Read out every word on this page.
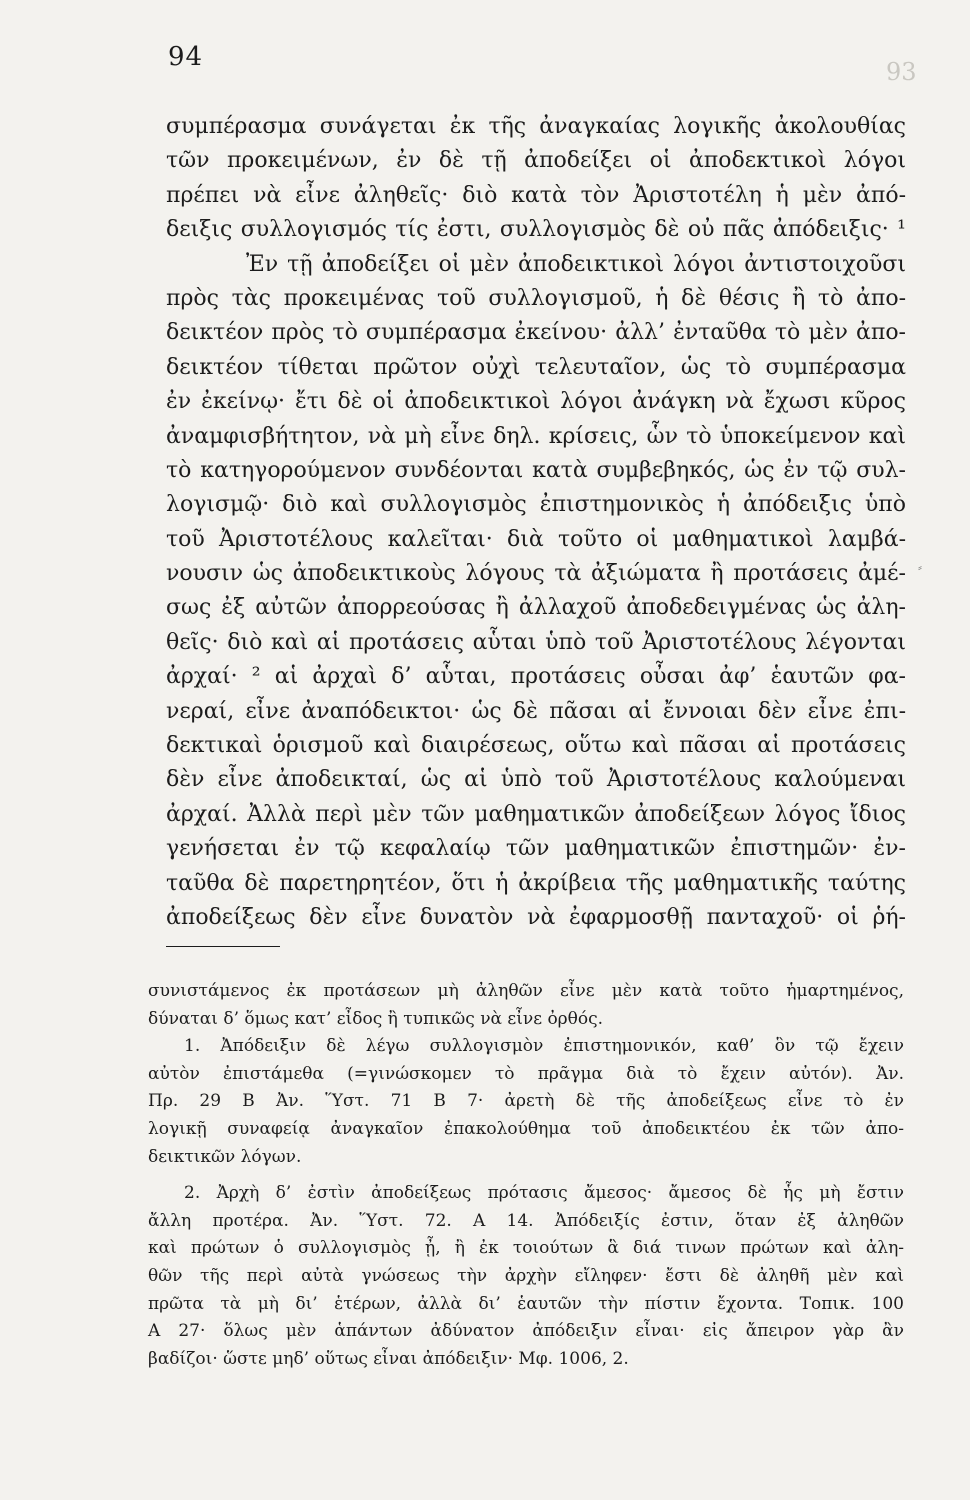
94	93
⸗
συμπέρασμα συνάγεται ἐκ τῆς ἀναγκαίας λογικῆς ἀκολουθίας
τῶν προκειμένων, ἐν δὲ τῇ ἀποδείξει οἱ ἀποδεκτικοὶ λόγοι
πρέπει νὰ εἶνε ἀληθεῖς· διὸ κατὰ τὸν Ἀριστοτέλη ἡ μὲν ἀπό-
δειξις συλλογισμός τίς ἐστι, συλλογισμὸς δὲ οὐ πᾶς ἀπόδειξις· ¹
Ἐν τῇ ἀποδείξει οἱ μὲν ἀποδεικτικοὶ λόγοι ἀντιστοιχοῦσι
πρὸς τὰς προκειμένας τοῦ συλλογισμοῦ, ἡ δὲ θέσις ἢ τὸ ἀπο-
δεικτέον πρὸς τὸ συμπέρασμα ἐκείνου· ἀλλ’ ἐνταῦθα τὸ μὲν ἀπο-
δεικτέον τίθεται πρῶτον οὐχὶ τελευταῖον, ὡς τὸ συμπέρασμα
ἐν ἐκείνῳ· ἔτι δὲ οἱ ἀποδεικτικοὶ λόγοι ἀνάγκη νὰ ἔχωσι κῦρος
ἀναμφισβήτητον, νὰ μὴ εἶνε δηλ. κρίσεις, ὧν τὸ ὑποκείμενον καὶ
τὸ κατηγορούμενον συνδέονται κατὰ συμβεβηκός, ὡς ἐν τῷ συλ-
λογισμῷ· διὸ καὶ συλλογισμὸς ἐπιστημονικὸς ἡ ἀπόδειξις ὑπὸ
τοῦ Ἀριστοτέλους καλεῖται· διὰ τοῦτο οἱ μαθηματικοὶ λαμβά-
νουσιν ὡς ἀποδεικτικοὺς λόγους τὰ ἀξιώματα ἢ προτάσεις ἀμέ-
σως ἐξ αὐτῶν ἀπορρεούσας ἢ ἀλλαχοῦ ἀποδεδειγμένας ὡς ἀλη-
θεῖς· διὸ καὶ αἱ προτάσεις αὗται ὑπὸ τοῦ Ἀριστοτέλους λέγονται
ἀρχαί· ² αἱ ἀρχαὶ δ’ αὗται, προτάσεις οὖσαι ἀφ’ ἑαυτῶν φα-
νεραί, εἶνε ἀναπόδεικτοι· ὡς δὲ πᾶσαι αἱ ἔννοιαι δὲν εἶνε ἐπι-
δεκτικαὶ ὁρισμοῦ καὶ διαιρέσεως, οὕτω καὶ πᾶσαι αἱ προτάσεις
δὲν εἶνε ἀποδεικταί, ὡς αἱ ὑπὸ τοῦ Ἀριστοτέλους καλούμεναι
ἀρχαί. Ἀλλὰ περὶ μὲν τῶν μαθηματικῶν ἀποδείξεων λόγος ἴδιος
γενήσεται ἐν τῷ κεφαλαίῳ τῶν μαθηματικῶν ἐπιστημῶν· ἐν-
ταῦθα δὲ παρετηρητέον, ὅτι ἡ ἀκρίβεια τῆς μαθηματικῆς ταύτης
ἀποδείξεως δὲν εἶνε δυνατὸν νὰ ἐφαρμοσθῇ πανταχοῦ· οἱ ῥή-
συνιστάμενος ἐκ προτάσεων μὴ ἀληθῶν εἶνε μὲν κατὰ τοῦτο ἡμαρτημένος,
δύναται δ’ ὅμως κατ’ εἶδος ἢ τυπικῶς νὰ εἶνε ὀρθός.
1. Ἀπόδειξιν δὲ λέγω συλλογισμὸν ἐπιστημονικόν, καθ’ ὃν τῷ ἔχειν
αὐτὸν ἐπιστάμεθα (=γινώσκομεν τὸ πρᾶγμα διὰ τὸ ἔχειν αὐτόν). Ἀν.
Πρ. 29 Β Ἀν. Ὕστ. 71 Β 7· ἀρετὴ δὲ τῆς ἀποδείξεως εἶνε τὸ ἐν
λογικῇ συναφείᾳ ἀναγκαῖον ἐπακολούθημα τοῦ ἀποδεικτέου ἐκ τῶν ἀπο-
δεικτικῶν λόγων.
2. Ἀρχὴ δ’ ἐστὶν ἀποδείξεως πρότασις ἄμεσος· ἄμεσος δὲ ἧς μὴ ἔστιν
ἄλλη προτέρα. Ἀν. Ὕστ. 72. Α 14. Ἀπόδειξίς ἐστιν, ὅταν ἐξ ἀληθῶν
καὶ πρώτων ὁ συλλογισμὸς ᾖ, ἢ ἐκ τοιούτων ἃ διά τινων πρώτων καὶ ἀλη-
θῶν τῆς περὶ αὐτὰ γνώσεως τὴν ἀρχὴν εἴληφεν· ἔστι δὲ ἀληθῆ μὲν καὶ
πρῶτα τὰ μὴ δι’ ἑτέρων, ἀλλὰ δι’ ἑαυτῶν τὴν πίστιν ἔχοντα. Τοπικ. 100
Α 27· ὅλως μὲν ἁπάντων ἀδύνατον ἀπόδειξιν εἶναι· εἰς ἄπειρον γὰρ ἂν
βαδίζοι· ὥστε μηδ’ οὕτως εἶναι ἀπόδειξιν· Μφ. 1006, 2.
